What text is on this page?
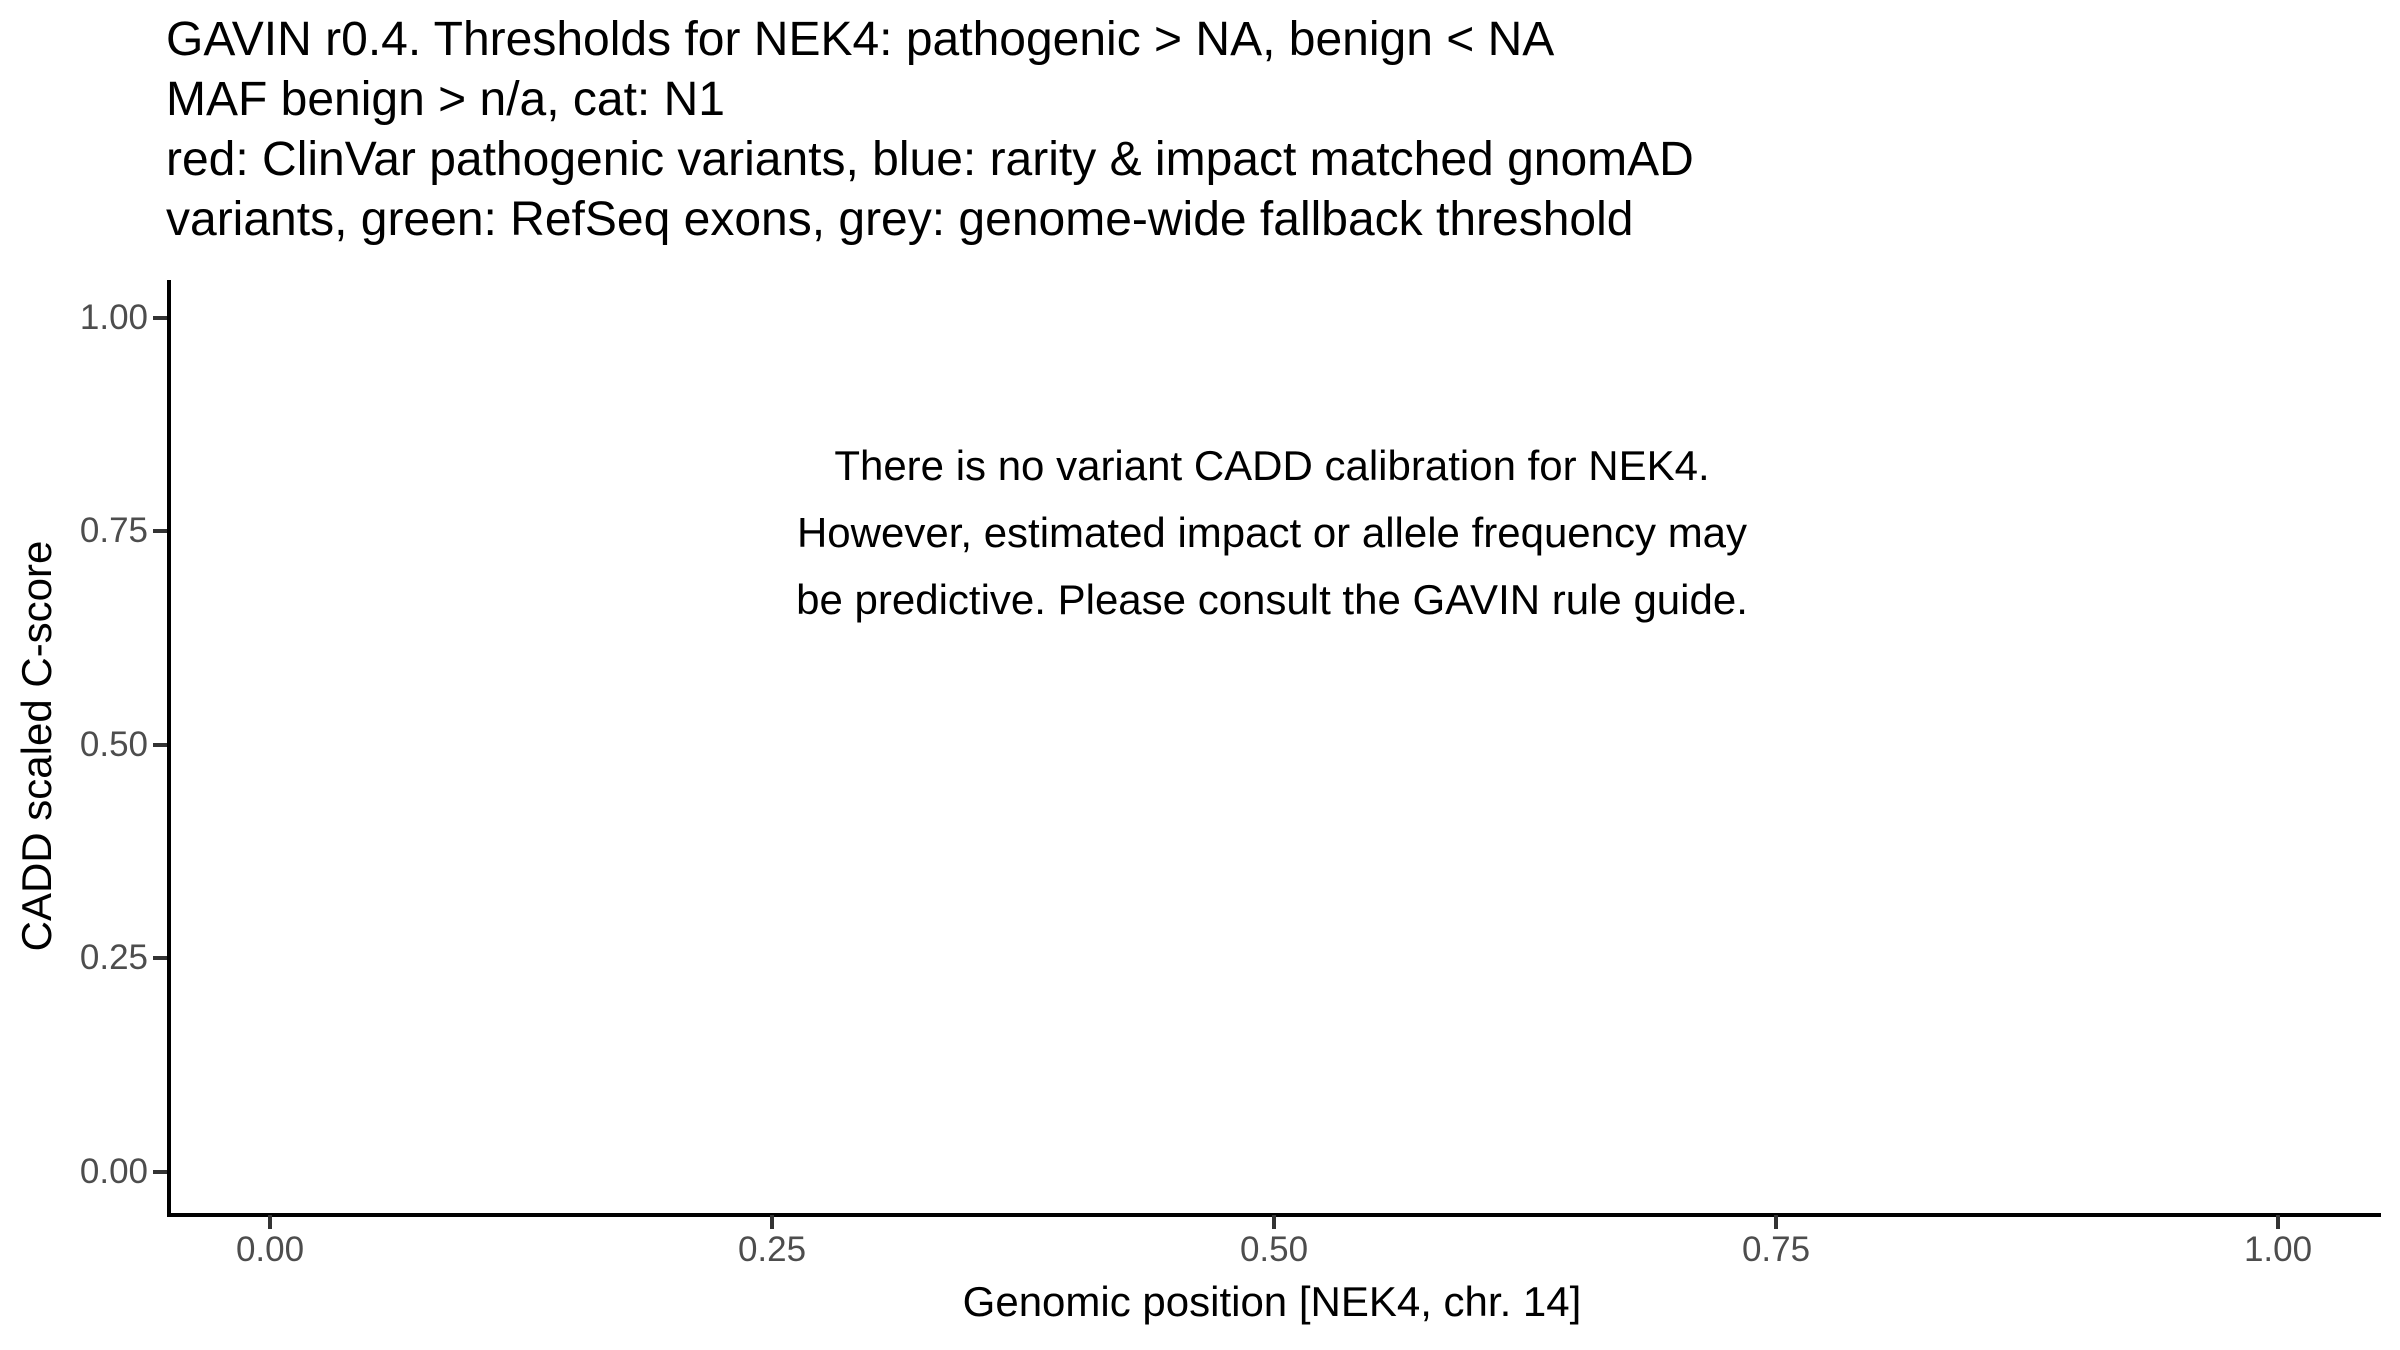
GAVIN r0.4. Thresholds for NEK4: pathogenic > NA, benign < NA
MAF benign > n/a, cat: N1
red: ClinVar pathogenic variants, blue: rarity & impact matched gnomAD
variants, green: RefSeq exons, grey: genome-wide fallback threshold
There is no variant CADD calibration for NEK4.
However, estimated impact or allele frequency may
be predictive. Please consult the GAVIN rule guide.
1.00
0.75
0.50
0.25
0.00
0.00	0.25	0.50	0.75	1.00
Genomic position [NEK4, chr. 14]
CADD scaled C-score
